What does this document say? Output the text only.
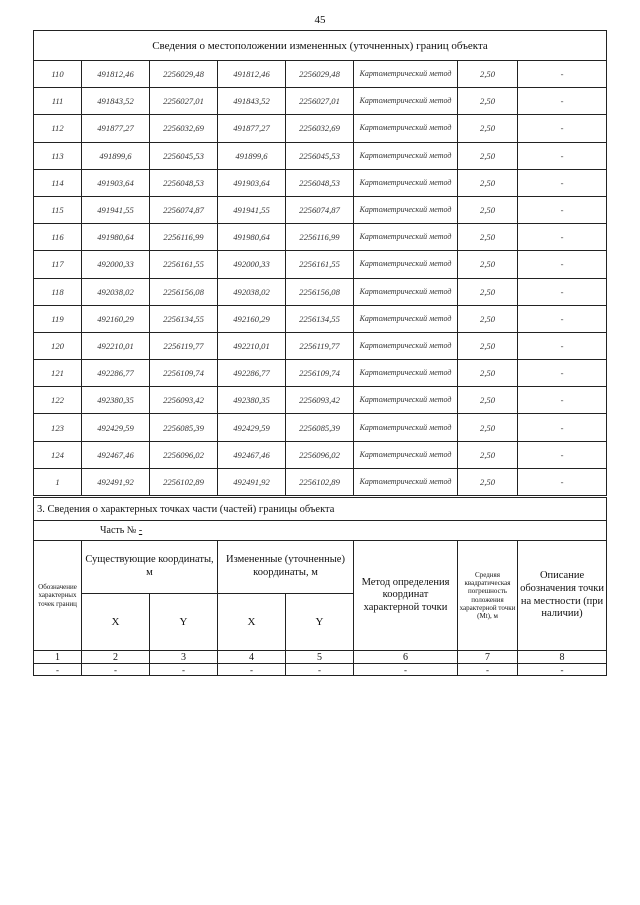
45
Сведения о местоположении измененных (уточненных) границ объекта							
110	491812,46	2256029,48	491812,46	2256029,48	Картометрический метод	2,50	-
111	491843,52	2256027,01	491843,52	2256027,01	Картометрический метод	2,50	-
112	491877,27	2256032,69	491877,27	2256032,69	Картометрический метод	2,50	-
113	491899,6	2256045,53	491899,6	2256045,53	Картометрический метод	2,50	-
114	491903,64	2256048,53	491903,64	2256048,53	Картометрический метод	2,50	-
115	491941,55	2256074,87	491941,55	2256074,87	Картометрический метод	2,50	-
116	491980,64	2256116,99	491980,64	2256116,99	Картометрический метод	2,50	-
117	492000,33	2256161,55	492000,33	2256161,55	Картометрический метод	2,50	-
118	492038,02	2256156,08	492038,02	2256156,08	Картометрический метод	2,50	-
119	492160,29	2256134,55	492160,29	2256134,55	Картометрический метод	2,50	-
120	492210,01	2256119,77	492210,01	2256119,77	Картометрический метод	2,50	-
121	492286,77	2256109,74	492286,77	2256109,74	Картометрический метод	2,50	-
122	492380,35	2256093,42	492380,35	2256093,42	Картометрический метод	2,50	-
123	492429,59	2256085,39	492429,59	2256085,39	Картометрический метод	2,50	-
124	492467,46	2256096,02	492467,46	2256096,02	Картометрический метод	2,50	-
1	492491,92	2256102,89	492491,92	2256102,89	Картометрический метод	2,50	-
3. Сведения о характерных точках части (частей) границы объекта							
Часть № -							
Обозначение характерных точек границ	Существующие координаты, м		Измененные (уточненные) координаты, м		Метод определения координат характерной точки	Средняя квадратическая погрешность положения характерной точки (Mt), м	Описание обозначения точки на местности (при наличии)
	X	Y	X	Y			
1	2	3	4	5	6	7	8
-	-	-	-	-	-	-	-
